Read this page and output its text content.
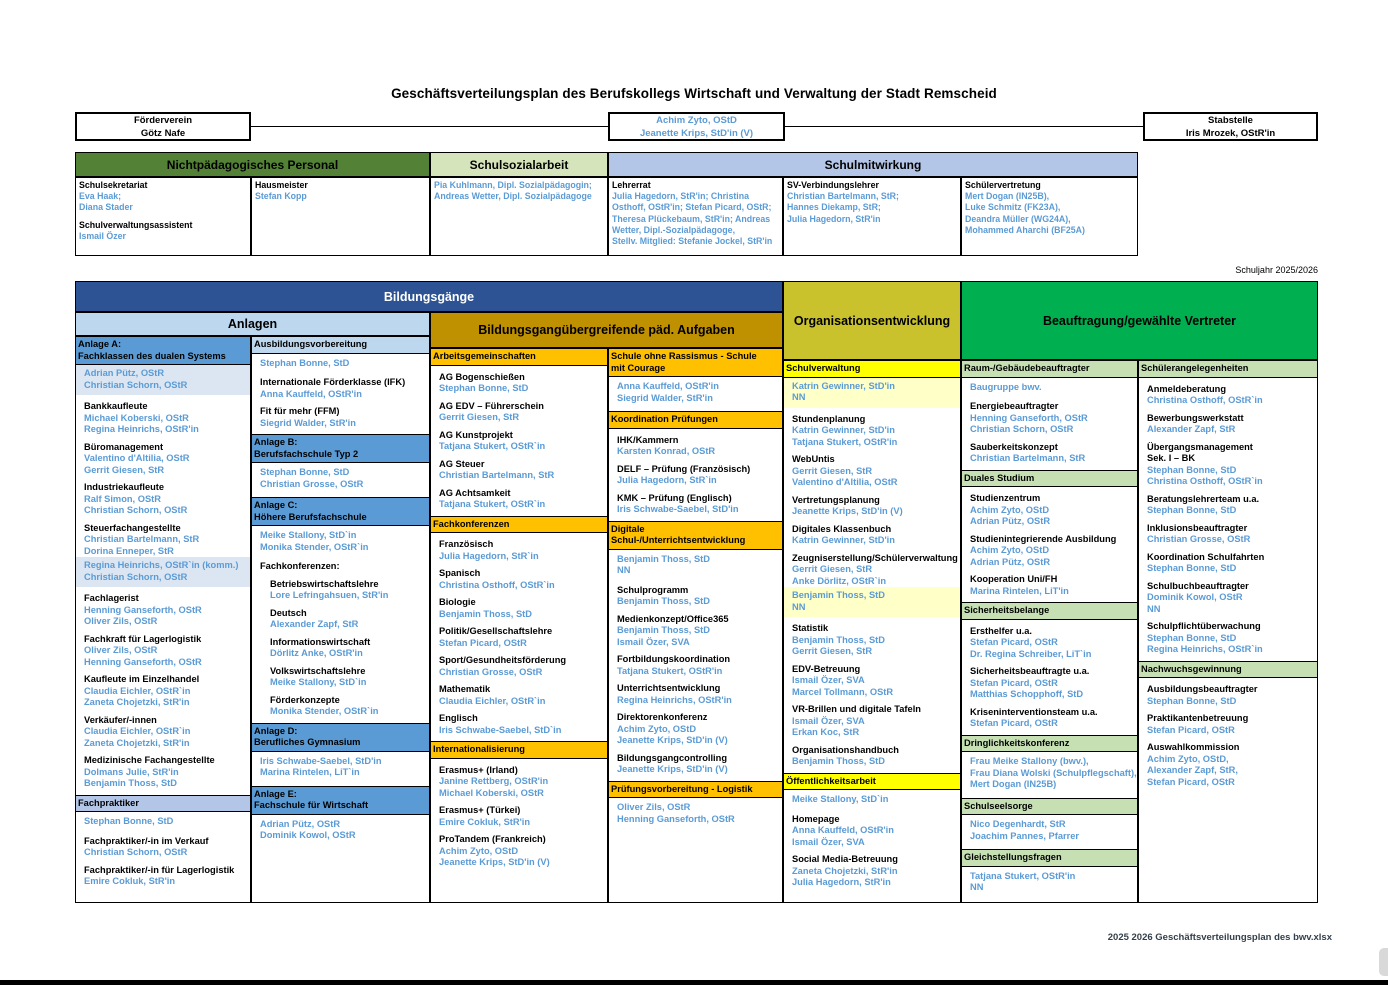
Geschäftsverteilungsplan des Berufskollegs Wirtschaft und Verwaltung der Stadt Remscheid
Schuljahr 2025/2026
2025 2026 Geschäftsverteilungsplan des bwv.xlsx
Förderverein
Götz Nafe
Achim Zyto, OStD
Jeanette Krips, StD'in (V)
Stabstelle
Iris Mrozek, OStR'in
Nichtpädagogisches Personal	Schulsozialarbeit	Schulmitwirkung
Schulsekretariat
Eva Haak;
Diana Stader
Schulverwaltungsassistent
Ismail Özer
Hausmeister
Stefan Kopp
Pia Kuhlmann, Dipl. Sozialpädagogin;
Andreas Wetter, Dipl. Sozialpädagoge
Lehrerrat
Julia Hagedorn, StR'in; Christina
Osthoff, OStR'in; Stefan Picard, OStR;
Theresa Plückebaum, StR'in; Andreas
Wetter, Dipl.-Sozialpädagoge,
Stellv. Mitglied: Stefanie Jockel, StR'in
SV-Verbindungslehrer
Christian Bartelmann, StR;
Hannes Diekamp, StR;
Julia Hagedorn, StR'in
Schülervertretung
Mert Dogan (IN25B),
Luke Schmitz (FK23A),
Deandra Müller (WG24A),
Mohammed Aharchi (BF25A)
Bildungsgänge
Anlagen	Bildungsgangübergreifende päd. Aufgaben
Organisationsentwicklung	Beauftragung/gewählte Vertreter
Anlage A:
Fachklassen des dualen Systems
Adrian Pütz, OStR
Christian Schorn, OStR
Bankkaufleute
Michael Koberski, OStR
Regina Heinrichs, OStR'in
Büromanagement
Valentino d'Altilia, OStR
Gerrit Giesen, StR
Industriekaufleute
Ralf Simon, OStR
Christian Schorn, OStR
Steuerfachangestellte
Christian Bartelmann, StR
Dorina Enneper, StR
Regina Heinrichs, OStR`in (komm.)
Christian Schorn, OStR
Fachlagerist
Henning Ganseforth, OStR
Oliver Zils, OStR
Fachkraft für Lagerlogistik
Oliver Zils, OStR
Henning Ganseforth, OStR
Kaufleute im Einzelhandel
Claudia Eichler, OStR`in
Zaneta Chojetzki, StR'in
Verkäufer/-innen
Claudia Eichler, OStR`in
Zaneta Chojetzki, StR'in
Medizinische Fachangestellte
Dolmans Julie, StR'in
Benjamin Thoss, StD
Fachpraktiker
Stephan Bonne, StD
Fachpraktiker/-in im Verkauf
Christian Schorn, OStR
Fachpraktiker/-in für Lagerlogistik
Emire Cokluk, StR'in
Ausbildungsvorbereitung
Stephan Bonne, StD
Internationale Förderklasse (IFK)
Anna Kauffeld, OStR'in
Fit für mehr (FFM)
Siegrid Walder, StR'in
Anlage B:
Berufsfachschule Typ 2
Stephan Bonne, StD
Christian Grosse, OStR
Anlage C:
Höhere Berufsfachschule
Meike Stallony, StD`in
Monika Stender, OStR`in
Fachkonferenzen:
Betriebswirtschaftslehre
Lore Lefringahsuen, StR'in
Deutsch
Alexander Zapf, StR
Informationswirtschaft
Dörlitz Anke, OStR'in
Volkswirtschaftslehre
Meike Stallony, StD`in
Förderkonzepte
Monika Stender, OStR`in
Anlage D:
Berufliches Gymnasium
Iris Schwabe-Saebel, StD'in
Marina Rintelen, LiT`in
Anlage E:
Fachschule für Wirtschaft
Adrian Pütz, OStR
Dominik Kowol, OStR
Arbeitsgemeinschaften
AG Bogenschießen
Stephan Bonne, StD
AG EDV – Führerschein
Gerrit Giesen, StR
AG Kunstprojekt
Tatjana Stukert, OStR`in
AG Steuer
Christian Bartelmann, StR
AG Achtsamkeit
Tatjana Stukert, OStR`in
Fachkonferenzen
Französisch
Julia Hagedorn, StR`in
Spanisch
Christina Osthoff, OStR`in
Biologie
Benjamin Thoss, StD
Politik/Gesellschaftslehre
Stefan Picard, OStR
Sport/Gesundheitsförderung
Christian Grosse, OStR
Mathematik
Claudia Eichler, OStR`in
Englisch
Iris Schwabe-Saebel, StD`in
Internationalisierung
Erasmus+ (Irland)
Janine Rettberg, OStR'in
Michael Koberski, OStR
Erasmus+ (Türkei)
Emire Cokluk, StR'in
ProTandem (Frankreich)
Achim Zyto, OStD
Jeanette Krips, StD'in (V)
Schule ohne Rassismus - Schule
mit Courage
Anna Kauffeld, OStR'in
Siegrid Walder, StR'in
Koordination Prüfungen
IHK/Kammern
Karsten Konrad, OStR
DELF – Prüfung (Französisch)
Julia Hagedorn, StR`in
KMK – Prüfung (Englisch)
Iris Schwabe-Saebel, StD'in
Digitale Schul-/Unterrichtsentwicklung
Benjamin Thoss, StD
NN
Schulprogramm
Benjamin Thoss, StD
Medienkonzept/Office365
Benjamin Thoss, StD
Ismail Özer, SVA
Fortbildungskoordination
Tatjana Stukert, OStR'in
Unterrichtsentwicklung
Regina Heinrichs, OStR'in
Direktorenkonferenz
Achim Zyto, OStD
Jeanette Krips, StD'in (V)
Bildungsgangcontrolling
Jeanette Krips, StD'in (V)
Prüfungsvorbereitung - Logistik
Oliver Zils, OStR
Henning Ganseforth, OStR
Schulverwaltung
Katrin Gewinner, StD'in
NN
Stundenplanung
Katrin Gewinner, StD'in
Tatjana Stukert, OStR'in
WebUntis
Gerrit Giesen, StR
Valentino d'Altilia, OStR
Vertretungsplanung
Jeanette Krips, StD'in (V)
Digitales Klassenbuch
Katrin Gewinner, StD'in
Zeugniserstellung/Schülerverwaltung
Gerrit Giesen, StR
Anke Dörlitz, OStR`in
Benjamin Thoss, StD
NN
Statistik
Benjamin Thoss, StD
Gerrit Giesen, StR
EDV-Betreuung
Ismail Özer, SVA
Marcel Tollmann, OStR
VR-Brillen und digitale Tafeln
Ismail Özer, SVA
Erkan Koc, StR
Organisationshandbuch
Benjamin Thoss, StD
Öffentlichkeitsarbeit
Meike Stallony, StD`in
Homepage
Anna Kauffeld, OStR'in
Ismail Özer, SVA
Social Media-Betreuung
Zaneta Chojetzki, StR'in
Julia Hagedorn, StR'in
Raum-/Gebäudebeauftragter
Baugruppe bwv.
Energiebeauftragter
Henning Ganseforth, OStR
Christian Schorn, OStR
Sauberkeitskonzept
Christian Bartelmann, StR
Duales Studium
Studienzentrum
Achim Zyto, OStD
Adrian Pütz, OStR
Studienintegrierende Ausbildung
Achim Zyto, OStD
Adrian Pütz, OStR
Kooperation Uni/FH
Marina Rintelen, LiT'in
Sicherheitsbelange
Ersthelfer u.a.
Stefan Picard, OStR
Dr. Regina Schreiber, LiT`in
Sicherheitsbeauftragte u.a.
Stefan Picard, OStR
Matthias Schopphoff, StD
Kriseninterventionsteam u.a.
Stefan Picard, OStR
Dringlichkeitskonferenz
Frau Meike Stallony (bwv.),
Frau Diana Wolski (Schulpflegschaft),
Mert Dogan (IN25B)
Schulseelsorge
Nico Degenhardt, StR
Joachim Pannes, Pfarrer
Gleichstellungsfragen
Tatjana Stukert, OStR'in
NN
Schülerangelegenheiten
Anmeldeberatung
Christina Osthoff, OStR`in
Bewerbungswerkstatt
Alexander Zapf, StR
Übergangsmanagement
Sek. I – BK
Stephan Bonne, StD
Christina Osthoff, OStR`in
Beratungslehrerteam u.a.
Stephan Bonne, StD
Inklusionsbeauftragter
Christian Grosse, OStR
Koordination Schulfahrten
Stephan Bonne, StD
Schulbuchbeauftragter
Dominik Kowol, OStR
NN
Schulpflichtüberwachung
Stephan Bonne, StD
Regina Heinrichs, OStR`in
Nachwuchsgewinnung
Ausbildungsbeauftragter
Stephan Bonne, StD
Praktikantenbetreuung
Stefan Picard, OStR
Auswahlkommission
Achim Zyto, OStD,
Alexander Zapf, StR,
Stefan Picard, OStR
